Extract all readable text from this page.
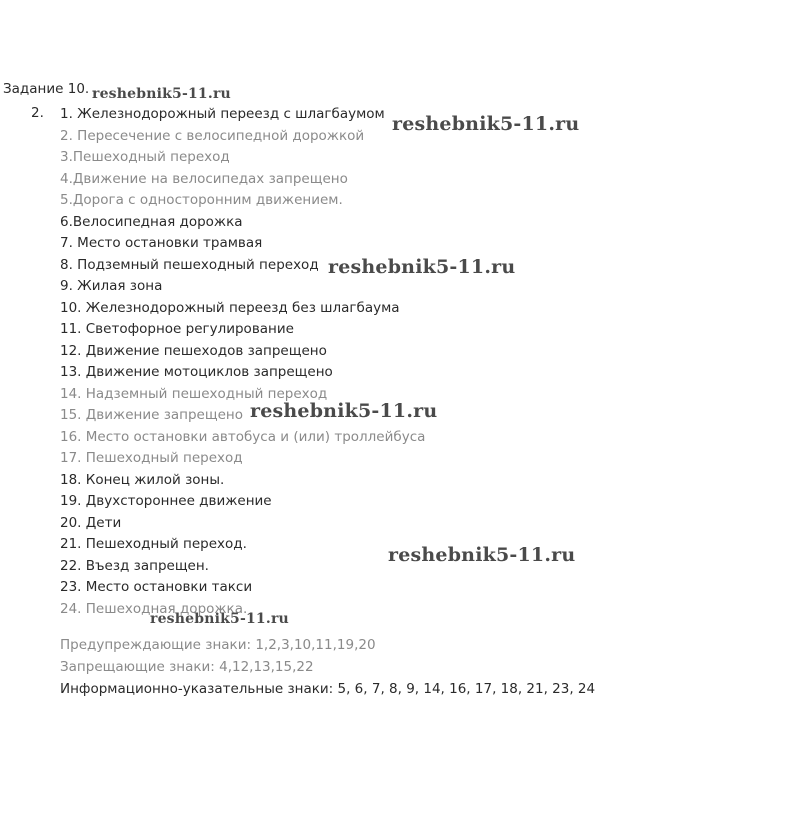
Задание 10.
2. 1. Железнодорожный переезд с шлагбаумом
2. Пересечение с велосипедной дорожкой
3.Пешеходный переход
4.Движение на велосипедах запрещено
5.Дорога с односторонним движением.
6.Велосипедная дорожка
7. Место остановки трамвая
8. Подземный пешеходный переход
9. Жилая зона
10. Железнодорожный переезд без шлагбаума
11. Светофорное регулирование
12. Движение пешеходов запрещено
13. Движение мотоциклов запрещено
14. Надземный пешеходный переход
15. Движение запрещено
16. Место остановки автобуса и (или) троллейбуса
17. Пешеходный переход
18. Конец жилой зоны.
19. Двухстороннее движение
20. Дети
21. Пешеходный переход.
22. Въезд запрещен.
23. Место остановки такси
24. Пешеходная дорожка.
Предупреждающие знаки: 1,2,3,10,11,19,20
Запрещающие знаки: 4,12,13,15,22
Информационно-указательные знаки: 5, 6, 7, 8, 9, 14, 16, 17, 18, 21, 23, 24
reshebnik5-11.ru
reshebnik5-11.ru
reshebnik5-11.ru
reshebnik5-11.ru
reshebnik5-11.ru
reshebnik5-11.ru
